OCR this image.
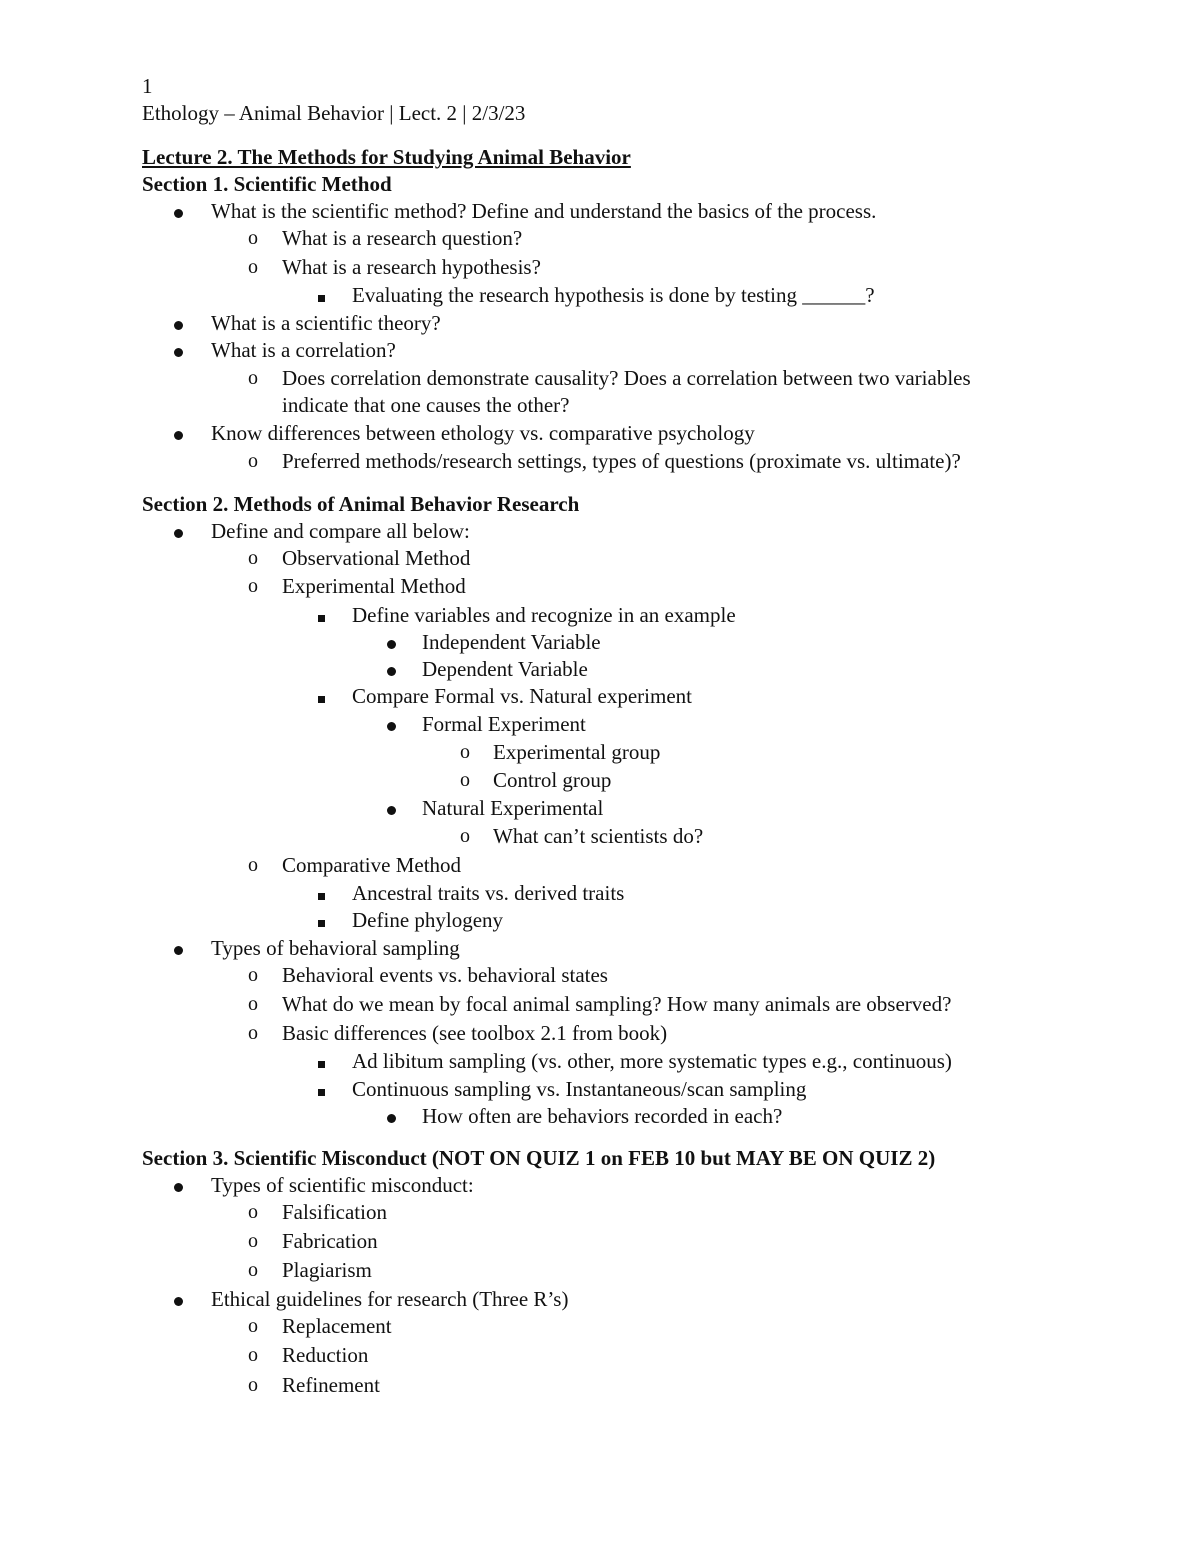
1
Ethology – Animal Behavior | Lect. 2 | 2/3/23
Lecture 2. The Methods for Studying Animal Behavior
Section 1. Scientific Method
What is the scientific method? Define and understand the basics of the process.
o	What is a research question?
o	What is a research hypothesis?
Evaluating the research hypothesis is done by testing ______?
What is a scientific theory?
What is a correlation?
o	Does correlation demonstrate causality? Does a correlation between two variables
indicate that one causes the other?
Know differences between ethology vs. comparative psychology
o	Preferred methods/research settings, types of questions (proximate vs. ultimate)?
Section 2. Methods of Animal Behavior Research
Define and compare all below:
o	Observational Method
o	Experimental Method
Define variables and recognize in an example
Independent Variable
Dependent Variable
Compare Formal vs. Natural experiment
Formal Experiment
o	Experimental group
o	Control group
Natural Experimental
o	What can’t scientists do?
o	Comparative Method
Ancestral traits vs. derived traits
Define phylogeny
Types of behavioral sampling
o	Behavioral events vs. behavioral states
o	What do we mean by focal animal sampling? How many animals are observed?
o	Basic differences (see toolbox 2.1 from book)
Ad libitum sampling (vs. other, more systematic types e.g., continuous)
Continuous sampling vs. Instantaneous/scan sampling
How often are behaviors recorded in each?
Section 3. Scientific Misconduct (NOT ON QUIZ 1 on FEB 10 but MAY BE ON QUIZ 2)
Types of scientific misconduct:
o	Falsification
o	Fabrication
o	Plagiarism
Ethical guidelines for research (Three R’s)
o	Replacement
o	Reduction
o	Refinement
